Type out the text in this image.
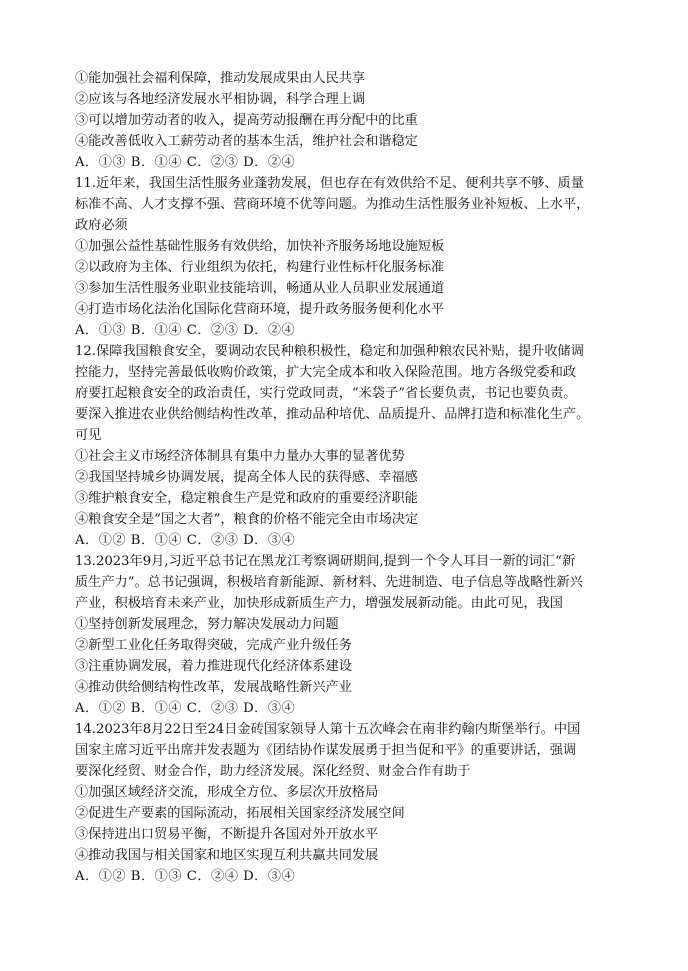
①能加强社会福利保障，推动发展成果由人民共享
②应该与各地经济发展水平相协调，科学合理上调
③可以增加劳动者的收入，提高劳动报酬在再分配中的比重
④能改善低收入工薪劳动者的基本生活，维护社会和谐稳定
A．①③ B．①④ C．②③ D．②④
11.近年来，我国生活性服务业蓬勃发展，但也存在有效供给不足、便利共享不够、质量
标准不高、人才支撑不强、营商环境不优等问题。为推动生活性服务业补短板、上水平，
政府必须
①加强公益性基础性服务有效供给，加快补齐服务场地设施短板
②以政府为主体、行业组织为依托，构建行业性标杆化服务标准
③参加生活性服务业职业技能培训，畅通从业人员职业发展通道
④打造市场化法治化国际化营商环境，提升政务服务便利化水平
A．①③ B．①④ C．②③ D．②④
12.保障我国粮食安全，要调动农民种粮积极性，稳定和加强种粮农民补贴，提升收储调
控能力，坚持完善最低收购价政策，扩大完全成本和收入保险范围。地方各级党委和政
府要扛起粮食安全的政治责任，实行党政同责，“米袋子”省长要负责，书记也要负责。
要深入推进农业供给侧结构性改革，推动品种培优、品质提升、品牌打造和标准化生产。
可见
①社会主义市场经济体制具有集中力量办大事的显著优势
②我国坚持城乡协调发展，提高全体人民的获得感、幸福感
③维护粮食安全，稳定粮食生产是党和政府的重要经济职能
④粮食安全是“国之大者”，粮食的价格不能完全由市场决定
A．①② B．①④ C．②③ D．③④
13.2023年9月,习近平总书记在黑龙江考察调研期间,提到一个令人耳目一新的词汇“新
质生产力”。总书记强调，积极培育新能源、新材料、先进制造、电子信息等战略性新兴
产业，积极培育未来产业，加快形成新质生产力，增强发展新动能。由此可见，我国
①坚持创新发展理念，努力解决发展动力问题
②新型工业化任务取得突破，完成产业升级任务
③注重协调发展，着力推进现代化经济体系建设
④推动供给侧结构性改革，发展战略性新兴产业
A．①② B．①④ C．②③ D．③④
14.2023年8月22日至24日金砖国家领导人第十五次峰会在南非约翰内斯堡举行。中国
国家主席习近平出席并发表题为《团结协作谋发展勇于担当促和平》的重要讲话，强调
要深化经贸、财金合作，助力经济发展。深化经贸、财金合作有助于
①加强区域经济交流，形成全方位、多层次开放格局
②促进生产要素的国际流动，拓展相关国家经济发展空间
③保持进出口贸易平衡，不断提升各国对外开放水平
④推动我国与相关国家和地区实现互利共赢共同发展
A．①② B．①③ C．②④ D．③④
